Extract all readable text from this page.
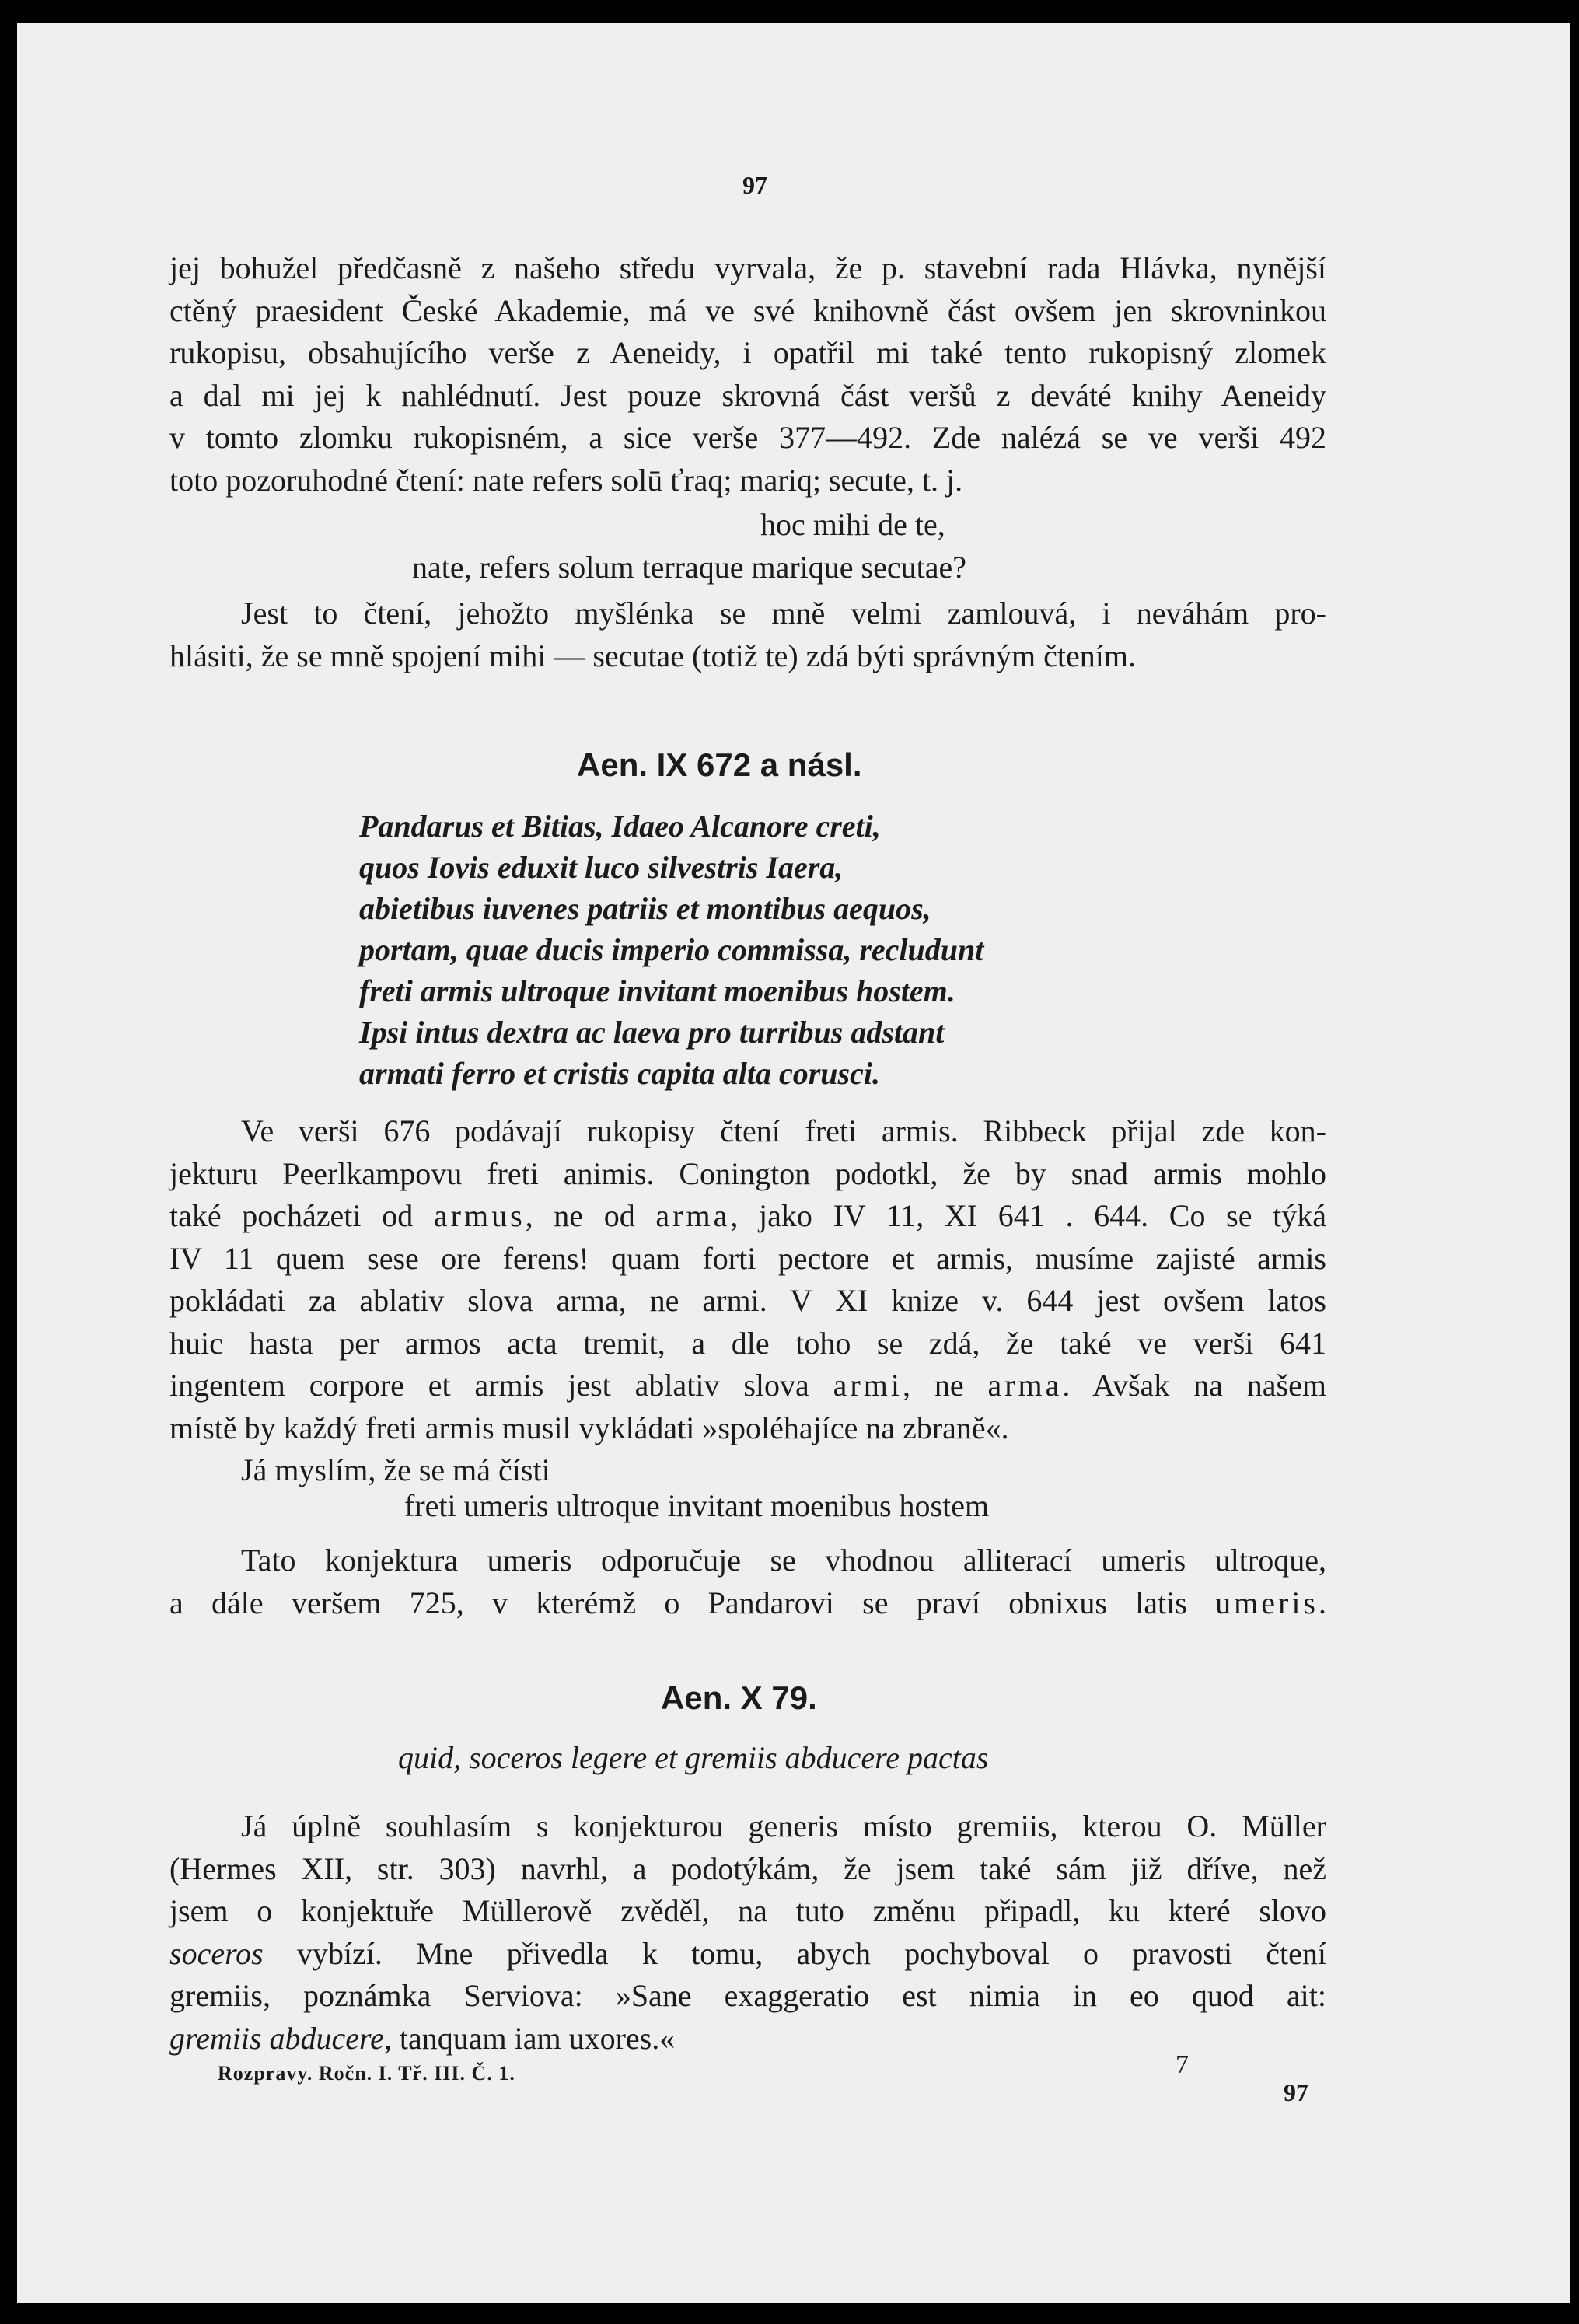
97
jej bohužel předčasně z našeho středu vyrvala, že p. stavební rada Hlávka, nynější
ctěný praesident České Akademie, má ve své knihovně část ovšem jen skrovninkou
rukopisu, obsahujícího verše z Aeneidy, i opatřil mi také tento rukopisný zlomek
a dal mi jej k nahlédnutí. Jest pouze skrovná část veršů z deváté knihy Aeneidy
v tomto zlomku rukopisném, a sice verše 377—492. Zde nalézá se ve verši 492
toto pozoruhodné čtení: nate refers solū ťraq; mariq; secute, t. j.
hoc mihi de te,
nate, refers solum terraque marique secutae?
Jest to čtení, jehožto myšlénka se mně velmi zamlouvá, i neváhám pro-
hlásiti, že se mně spojení mihi — secutae (totiž te) zdá býti správným čtením.
Aen. IX 672 a násl.
Pandarus et Bitias, Idaeo Alcanore creti,
quos Iovis eduxit luco silvestris Iaera,
abietibus iuvenes patriis et montibus aequos,
portam, quae ducis imperio commissa, recludunt
freti armis ultroque invitant moenibus hostem.
Ipsi intus dextra ac laeva pro turribus adstant
armati ferro et cristis capita alta corusci.
Ve verši 676 podávají rukopisy čtení freti armis. Ribbeck přijal zde kon-
jekturu Peerlkampovu freti animis. Conington podotkl, že by snad armis mohlo
také pocházeti od armus, ne od arma, jako IV 11, XI 641 . 644. Co se týká
IV 11 quem sese ore ferens! quam forti pectore et armis, musíme zajisté armis
pokládati za ablativ slova arma, ne armi. V XI knize v. 644 jest ovšem latos
huic hasta per armos acta tremit, a dle toho se zdá, že také ve verši 641
ingentem corpore et armis jest ablativ slova armi, ne arma. Avšak na našem
místě by každý freti armis musil vykládati »spoléhajíce na zbraně«.
Já myslím, že se má čísti
freti umeris ultroque invitant moenibus hostem
Tato konjektura umeris odporučuje se vhodnou alliterací umeris ultroque,
a dále veršem 725, v kterémž o Pandarovi se praví obnixus latis umeris.
Aen. X 79.
quid, soceros legere et gremiis abducere pactas
Já úplně souhlasím s konjekturou generis místo gremiis, kterou O. Müller
(Hermes XII, str. 303) navrhl, a podotýkám, že jsem také sám již dříve, než
jsem o konjektuře Müllerově zvěděl, na tuto změnu připadl, ku které slovo
soceros vybízí. Mne přivedla k tomu, abych pochyboval o pravosti čtení
gremiis, poznámka Serviova: »Sane exaggeratio est nimia in eo quod ait:
gremiis abducere, tanquam iam uxores.«
Rozpravy. Ročn. I. Tř. III. Č. 1.	7
97
